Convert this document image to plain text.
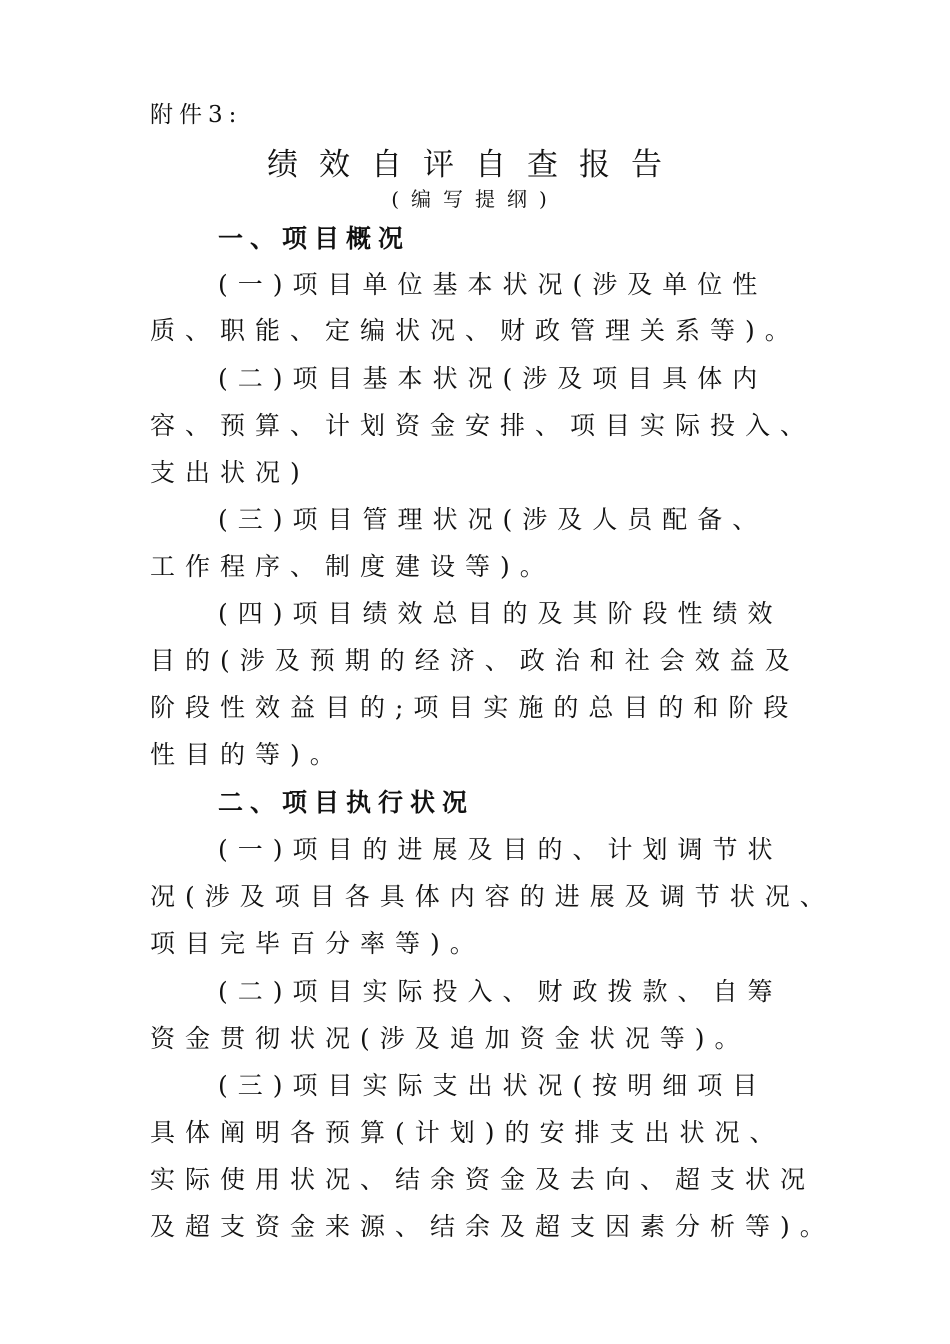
附件3:
绩效自评自查报告
(编写提纲)
一、项目概况
(一)项目单位基本状况(涉及单位性
质、职能、定编状况、财政管理关系等)。
(二)项目基本状况(涉及项目具体内
容、预算、计划资金安排、项目实际投入、
支出状况)
(三)项目管理状况(涉及人员配备、
工作程序、制度建设等)。
(四)项目绩效总目的及其阶段性绩效
目的(涉及预期的经济、政治和社会效益及
阶段性效益目的;项目实施的总目的和阶段
性目的等)。
二、项目执行状况
(一)项目的进展及目的、计划调节状
况(涉及项目各具体内容的进展及调节状况、
项目完毕百分率等)。
(二)项目实际投入、财政拨款、自筹
资金贯彻状况(涉及追加资金状况等)。
(三)项目实际支出状况(按明细项目
具体阐明各预算(计划)的安排支出状况、
实际使用状况、结余资金及去向、超支状况
及超支资金来源、结余及超支因素分析等)。
